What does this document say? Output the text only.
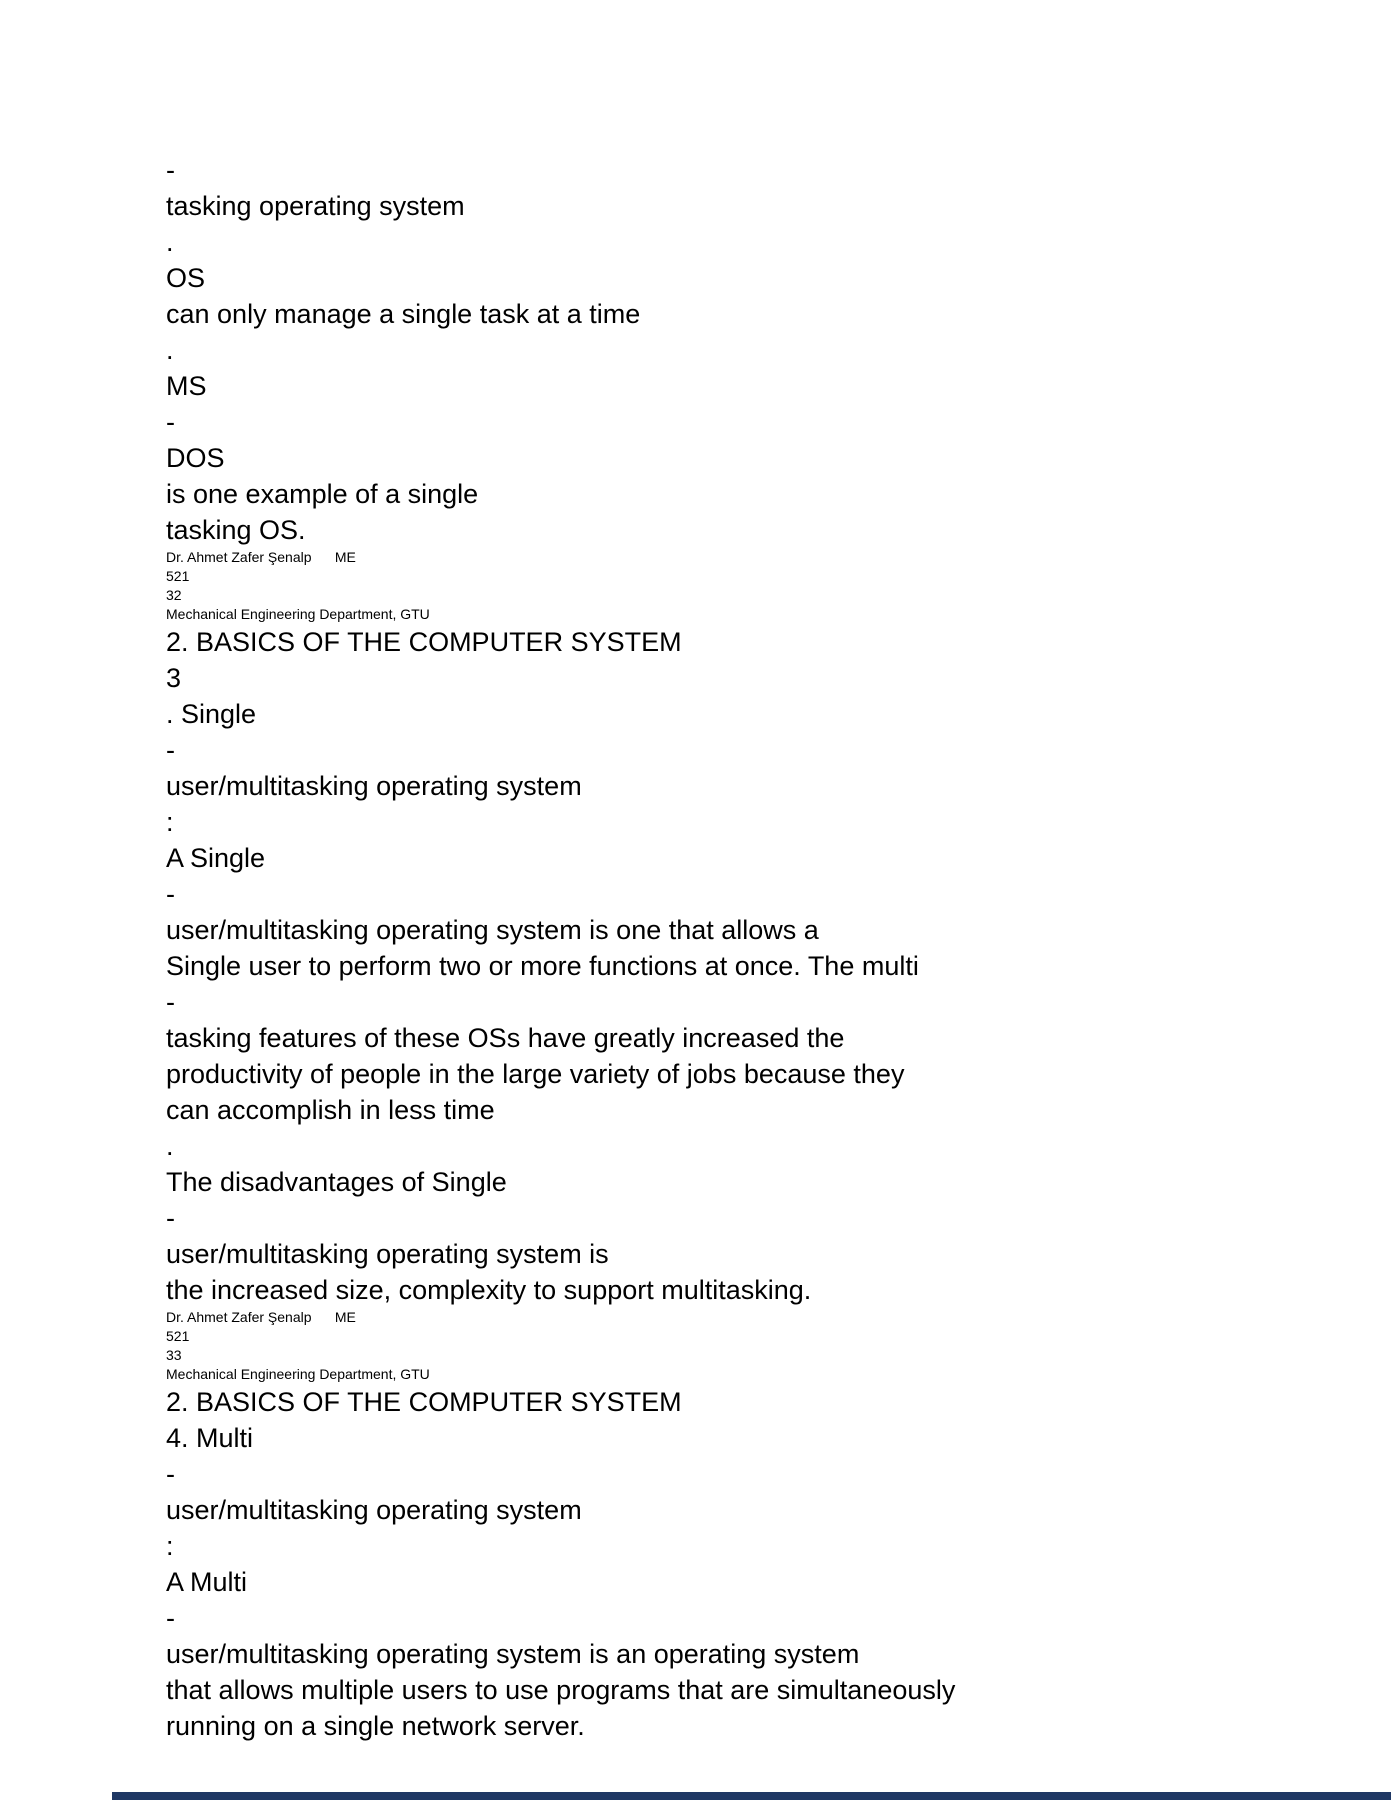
-
tasking operating system
.
OS
can only manage a single task at a time
.
MS
-
DOS
is one example of a single
tasking OS.
Dr. Ahmet Zafer Şenalp      ME
521
32
Mechanical Engineering Department, GTU
2. BASICS OF THE COMPUTER SYSTEM
3
. Single
-
user/multitasking operating system
:
A Single
-
user/multitasking operating system is one that allows a
Single user to perform two or more functions at once. The multi
-
tasking features of these OSs have greatly increased the
productivity of people in the large variety of jobs because they
can accomplish in less time
.
The disadvantages of Single
-
user/multitasking operating system is
the increased size, complexity to support multitasking.
Dr. Ahmet Zafer Şenalp      ME
521
33
Mechanical Engineering Department, GTU
2. BASICS OF THE COMPUTER SYSTEM
4. Multi
-
user/multitasking operating system
:
A Multi
-
user/multitasking operating system is an operating system
that allows multiple users to use programs that are simultaneously
running on a single network server.
